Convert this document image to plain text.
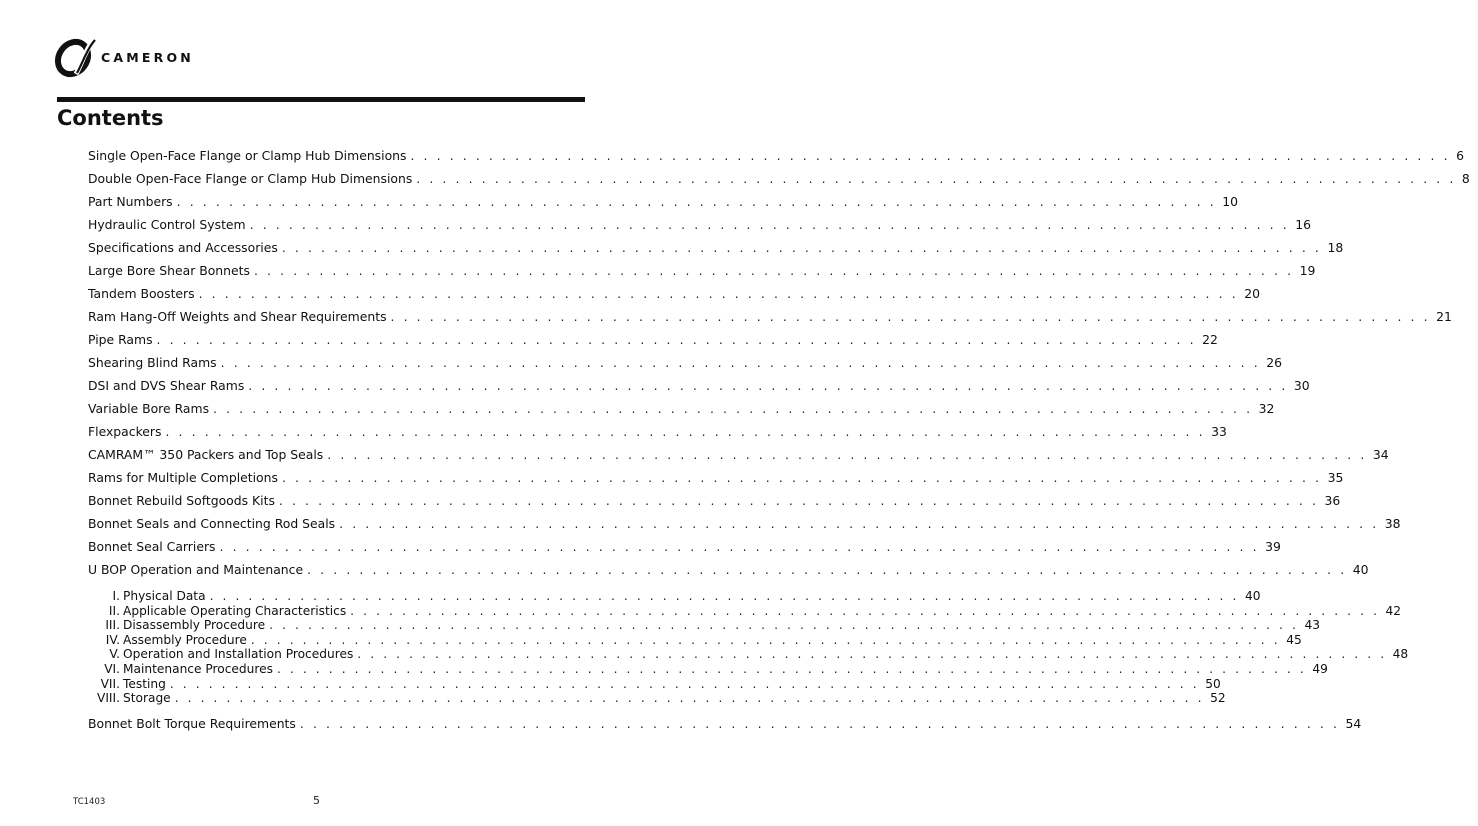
CAMERON
Contents
Single Open-Face Flange or Clamp Hub Dimensions . . . . . . . . . . . . . . . . . . . . . . . . . . . . . . . . . . . . . . . . . . . . . . . . . . . . . . . . . . . . . . . . . . . . . . . . . . . . . . . . 6
Double Open-Face Flange or Clamp Hub Dimensions . . . . . . . . . . . . . . . . . . . . . . . . . . . . . . . . . . . . . . . . . . . . . . . . . . . . . . . . . . . . . . . . . . . . . . . . . . . . . . . . 8
Part Numbers . . . . . . . . . . . . . . . . . . . . . . . . . . . . . . . . . . . . . . . . . . . . . . . . . . . . . . . . . . . . . . . . . . . . . . . . . . . . . . . . 10
Hydraulic Control System . . . . . . . . . . . . . . . . . . . . . . . . . . . . . . . . . . . . . . . . . . . . . . . . . . . . . . . . . . . . . . . . . . . . . . . . . . . . . . . . 16
Specifications and Accessories . . . . . . . . . . . . . . . . . . . . . . . . . . . . . . . . . . . . . . . . . . . . . . . . . . . . . . . . . . . . . . . . . . . . . . . . . . . . . . . . 18
Large Bore Shear Bonnets . . . . . . . . . . . . . . . . . . . . . . . . . . . . . . . . . . . . . . . . . . . . . . . . . . . . . . . . . . . . . . . . . . . . . . . . . . . . . . . . 19
Tandem Boosters . . . . . . . . . . . . . . . . . . . . . . . . . . . . . . . . . . . . . . . . . . . . . . . . . . . . . . . . . . . . . . . . . . . . . . . . . . . . . . . . 20
Ram Hang-Off Weights and Shear Requirements . . . . . . . . . . . . . . . . . . . . . . . . . . . . . . . . . . . . . . . . . . . . . . . . . . . . . . . . . . . . . . . . . . . . . . . . . . . . . . . . 21
Pipe Rams . . . . . . . . . . . . . . . . . . . . . . . . . . . . . . . . . . . . . . . . . . . . . . . . . . . . . . . . . . . . . . . . . . . . . . . . . . . . . . . . 22
Shearing Blind Rams . . . . . . . . . . . . . . . . . . . . . . . . . . . . . . . . . . . . . . . . . . . . . . . . . . . . . . . . . . . . . . . . . . . . . . . . . . . . . . . . 26
DSI and DVS Shear Rams . . . . . . . . . . . . . . . . . . . . . . . . . . . . . . . . . . . . . . . . . . . . . . . . . . . . . . . . . . . . . . . . . . . . . . . . . . . . . . . . 30
Variable Bore Rams . . . . . . . . . . . . . . . . . . . . . . . . . . . . . . . . . . . . . . . . . . . . . . . . . . . . . . . . . . . . . . . . . . . . . . . . . . . . . . . . 32
Flexpackers . . . . . . . . . . . . . . . . . . . . . . . . . . . . . . . . . . . . . . . . . . . . . . . . . . . . . . . . . . . . . . . . . . . . . . . . . . . . . . . . 33
CAMRAM™ 350 Packers and Top Seals . . . . . . . . . . . . . . . . . . . . . . . . . . . . . . . . . . . . . . . . . . . . . . . . . . . . . . . . . . . . . . . . . . . . . . . . . . . . . . . . 34
Rams for Multiple Completions . . . . . . . . . . . . . . . . . . . . . . . . . . . . . . . . . . . . . . . . . . . . . . . . . . . . . . . . . . . . . . . . . . . . . . . . . . . . . . . . 35
Bonnet Rebuild Softgoods Kits . . . . . . . . . . . . . . . . . . . . . . . . . . . . . . . . . . . . . . . . . . . . . . . . . . . . . . . . . . . . . . . . . . . . . . . . . . . . . . . . 36
Bonnet Seals and Connecting Rod Seals . . . . . . . . . . . . . . . . . . . . . . . . . . . . . . . . . . . . . . . . . . . . . . . . . . . . . . . . . . . . . . . . . . . . . . . . . . . . . . . . 38
Bonnet Seal Carriers . . . . . . . . . . . . . . . . . . . . . . . . . . . . . . . . . . . . . . . . . . . . . . . . . . . . . . . . . . . . . . . . . . . . . . . . . . . . . . . . 39
U BOP Operation and Maintenance . . . . . . . . . . . . . . . . . . . . . . . . . . . . . . . . . . . . . . . . . . . . . . . . . . . . . . . . . . . . . . . . . . . . . . . . . . . . . . . . 40
I. Physical Data . . . . . . . . . . . . . . . . . . . . . . . . . . . . . . . . . . . . . . . . . . . . . . . . . . . . . . . . . . . . . . . . . . . . . . . . . . . . . . . . 40
II. Applicable Operating Characteristics . . . . . . . . . . . . . . . . . . . . . . . . . . . . . . . . . . . . . . . . . . . . . . . . . . . . . . . . . . . . . . . . . . . . . . . . . . . . . . . . 42
III. Disassembly Procedure . . . . . . . . . . . . . . . . . . . . . . . . . . . . . . . . . . . . . . . . . . . . . . . . . . . . . . . . . . . . . . . . . . . . . . . . . . . . . . . . 43
IV. Assembly Procedure . . . . . . . . . . . . . . . . . . . . . . . . . . . . . . . . . . . . . . . . . . . . . . . . . . . . . . . . . . . . . . . . . . . . . . . . . . . . . . . . 45
V. Operation and Installation Procedures . . . . . . . . . . . . . . . . . . . . . . . . . . . . . . . . . . . . . . . . . . . . . . . . . . . . . . . . . . . . . . . . . . . . . . . . . . . . . . . . 48
VI. Maintenance Procedures . . . . . . . . . . . . . . . . . . . . . . . . . . . . . . . . . . . . . . . . . . . . . . . . . . . . . . . . . . . . . . . . . . . . . . . . . . . . . . . . 49
VII. Testing . . . . . . . . . . . . . . . . . . . . . . . . . . . . . . . . . . . . . . . . . . . . . . . . . . . . . . . . . . . . . . . . . . . . . . . . . . . . . . . . 50
VIII. Storage . . . . . . . . . . . . . . . . . . . . . . . . . . . . . . . . . . . . . . . . . . . . . . . . . . . . . . . . . . . . . . . . . . . . . . . . . . . . . . . . 52
Bonnet Bolt Torque Requirements . . . . . . . . . . . . . . . . . . . . . . . . . . . . . . . . . . . . . . . . . . . . . . . . . . . . . . . . . . . . . . . . . . . . . . . . . . . . . . . . 54
TC1403	5
